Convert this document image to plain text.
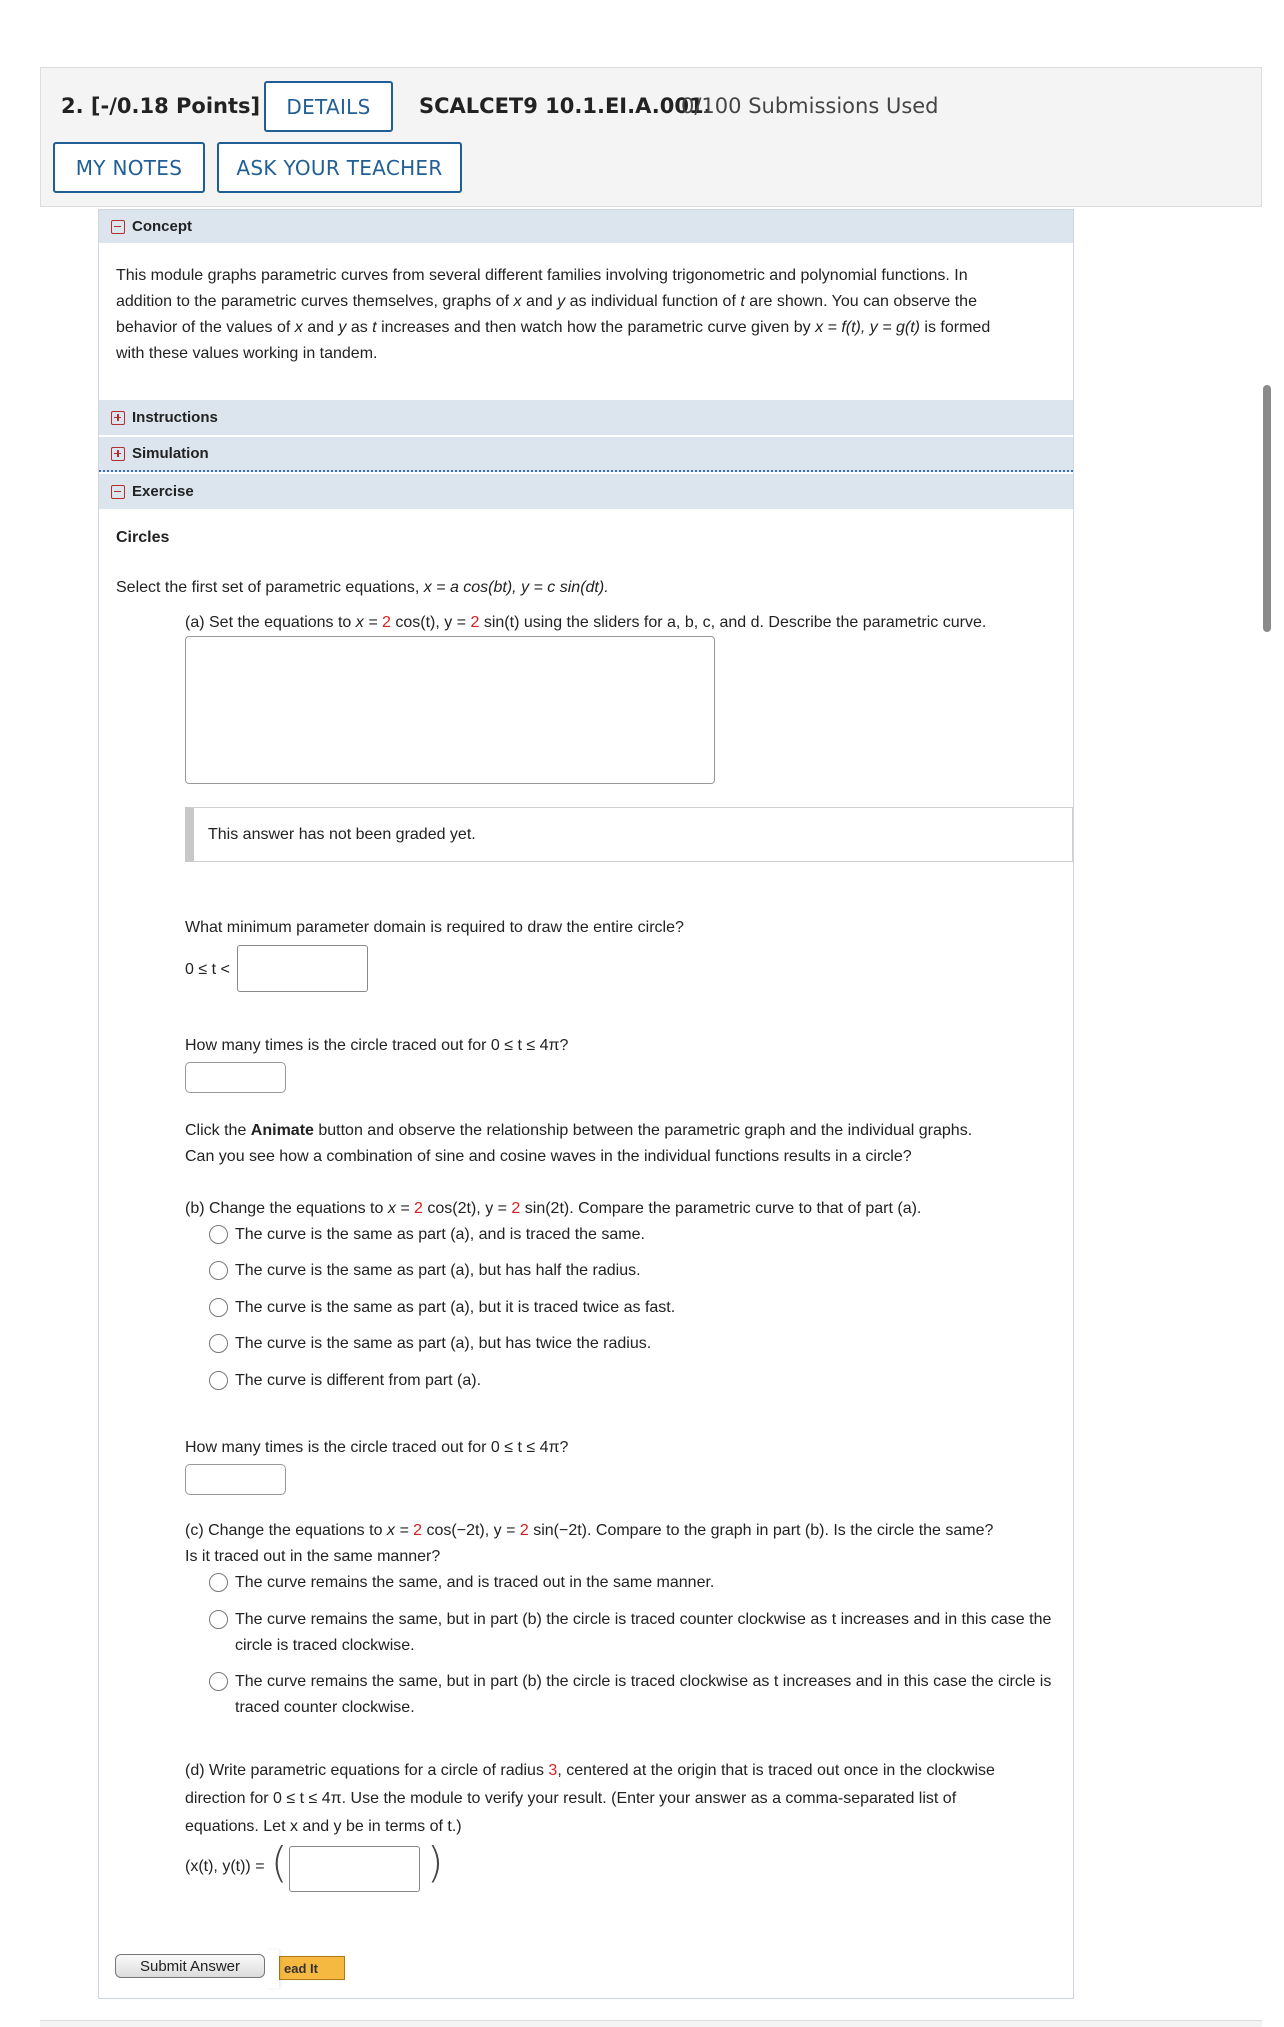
2. [-/0.18 Points]	DETAILS	SCALCET9 10.1.EI.A.001.
0/100 Submissions Used
MY NOTES	ASK YOUR TEACHER
Concept
This module graphs parametric curves from several different families involving trigonometric and polynomial functions. In
addition to the parametric curves themselves, graphs of x and y as individual function of t are shown. You can observe the
behavior of the values of x and y as t increases and then watch how the parametric curve given by x = f(t), y = g(t) is formed
with these values working in tandem.
Instructions
Simulation
Exercise
Circles
Select the first set of parametric equations, x = a cos(bt), y = c sin(dt).
(a) Set the equations to x = 2 cos(t), y = 2 sin(t) using the sliders for a, b, c, and d. Describe the parametric curve.
This answer has not been graded yet.
What minimum parameter domain is required to draw the entire circle?
0 ≤ t <
How many times is the circle traced out for 0 ≤ t ≤ 4π?
Click the Animate button and observe the relationship between the parametric graph and the individual graphs.
Can you see how a combination of sine and cosine waves in the individual functions results in a circle?
(b) Change the equations to x = 2 cos(2t), y = 2 sin(2t). Compare the parametric curve to that of part (a).
The curve is the same as part (a), and is traced the same.
The curve is the same as part (a), but has half the radius.
The curve is the same as part (a), but it is traced twice as fast.
The curve is the same as part (a), but has twice the radius.
The curve is different from part (a).
How many times is the circle traced out for 0 ≤ t ≤ 4π?
(c) Change the equations to x = 2 cos(−2t), y = 2 sin(−2t). Compare to the graph in part (b). Is the circle the same?
Is it traced out in the same manner?
The curve remains the same, and is traced out in the same manner.
The curve remains the same, but in part (b) the circle is traced counter clockwise as t increases and in this case the circle is traced clockwise.
The curve remains the same, but in part (b) the circle is traced clockwise as t increases and in this case the circle is traced counter clockwise.
(d) Write parametric equations for a circle of radius 3, centered at the origin that is traced out once in the clockwise
direction for 0 ≤ t ≤ 4π. Use the module to verify your result. (Enter your answer as a comma-separated list of
equations. Let x and y be in terms of t.)
(x(t), y(t)) = (	)
Submit Answer	ead It
